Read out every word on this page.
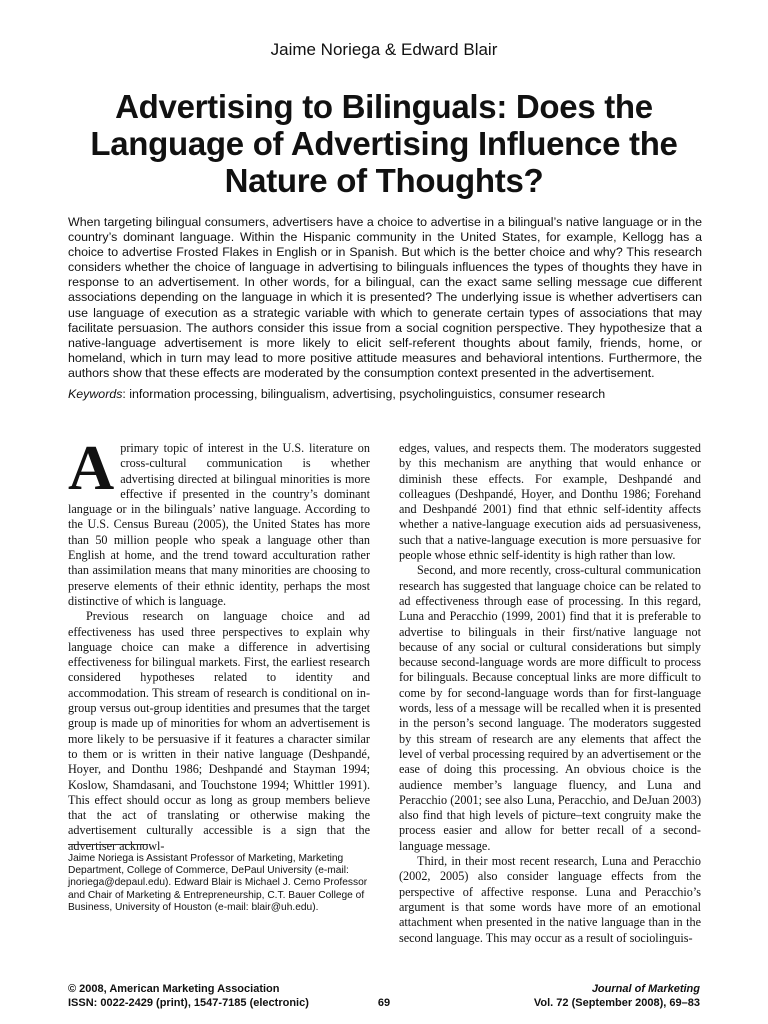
Jaime Noriega & Edward Blair
Advertising to Bilinguals: Does the Language of Advertising Influence the Nature of Thoughts?

When targeting bilingual consumers, advertisers have a choice to advertise in a bilingual’s native language or in the country’s dominant language. Within the Hispanic community in the United States, for example, Kellogg has a choice to advertise Frosted Flakes in English or in Spanish. But which is the better choice and why? This research considers whether the choice of language in advertising to bilinguals influences the types of thoughts they have in response to an advertisement. In other words, for a bilingual, can the exact same selling message cue different associations depending on the language in which it is presented? The underlying issue is whether advertisers can use language of execution as a strategic variable with which to generate certain types of associations that may facilitate persuasion. The authors consider this issue from a social cognition perspective. They hypothesize that a native-language advertisement is more likely to elicit self-referent thoughts about family, friends, home, or homeland, which in turn may lead to more positive attitude measures and behavioral intentions. Furthermore, the authors show that these effects are moderated by the consumption context presented in the advertisement.

Keywords: information processing, bilingualism, advertising, psycholinguistics, consumer research

Aprimary topic of interest in the U.S. literature on cross-cultural communication is whether advertising directed at bilingual minorities is more effective if presented in the country’s dominant language or in the bilinguals’ native language. According to the U.S. Census Bureau (2005), the United States has more than 50 million people who speak a language other than English at home, and the trend toward acculturation rather than assimilation means that many minorities are choosing to preserve elements of their ethnic identity, perhaps the most distinctive of which is language.

Previous research on language choice and ad effectiveness has used three perspectives to explain why language choice can make a difference in advertising effectiveness for bilingual markets. First, the earliest research considered hypotheses related to identity and accommodation. This stream of research is conditional on in-group versus out-group identities and presumes that the target group is made up of minorities for whom an advertisement is more likely to be persuasive if it features a character similar to them or is written in their native language (Deshpandé, Hoyer, and Donthu 1986; Deshpandé and Stayman 1994; Koslow, Shamdasani, and Touchstone 1994; Whittler 1991). This effect should occur as long as group members believe that the act of translating or otherwise making the advertisement culturally accessible is a sign that the advertiser acknowl-

edges, values, and respects them. The moderators suggested by this mechanism are anything that would enhance or diminish these effects. For example, Deshpandé and colleagues (Deshpandé, Hoyer, and Donthu 1986; Forehand and Deshpandé 2001) find that ethnic self-identity affects whether a native-language execution aids ad persuasiveness, such that a native-language execution is more persuasive for people whose ethnic self-identity is high rather than low.

Second, and more recently, cross-cultural communication research has suggested that language choice can be related to ad effectiveness through ease of processing. In this regard, Luna and Peracchio (1999, 2001) find that it is preferable to advertise to bilinguals in their first/native language not because of any social or cultural considerations but simply because second-language words are more difficult to process for bilinguals. Because conceptual links are more difficult to come by for second-language words than for first-language words, less of a message will be recalled when it is presented in the person’s second language. The moderators suggested by this stream of research are any elements that affect the level of verbal processing required by an advertisement or the ease of doing this processing. An obvious choice is the audience member’s language fluency, and Luna and Peracchio (2001; see also Luna, Peracchio, and DeJuan 2003) also find that high levels of picture–text congruity make the process easier and allow for better recall of a second-language message.

Third, in their most recent research, Luna and Peracchio (2002, 2005) also consider language effects from the perspective of affective response. Luna and Peracchio’s argument is that some words have more of an emotional attachment when presented in the native language than in the second language. This may occur as a result of sociolinguis-

Jaime Noriega is Assistant Professor of Marketing, Marketing Department, College of Commerce, DePaul University (e-mail: jnoriega@depaul.edu). Edward Blair is Michael J. Cemo Professor and Chair of Marketing & Entrepreneurship, C.T. Bauer College of Business, University of Houston (e-mail: blair@uh.edu).

© 2008, American Marketing Association
ISSN: 0022-2429 (print), 1547-7185 (electronic)	69
Journal of Marketing
Vol. 72 (September 2008), 69–83
